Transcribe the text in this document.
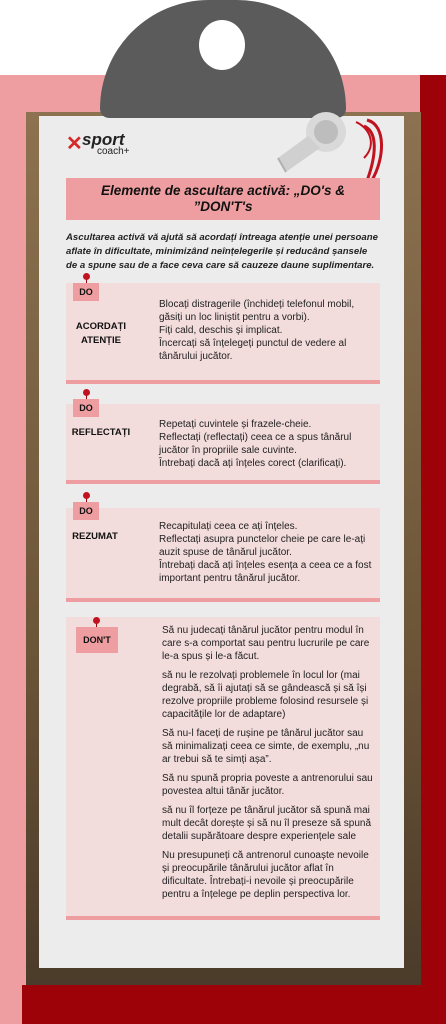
✕ sport
coach+
Elemente de ascultare activă: „DO's & ”DON'T's
Ascultarea activă vă ajută să acordați întreaga atenție unei persoane aflate în dificultate, minimizând neînțelegerile și reducând șansele de a spune sau de a face ceva care să cauzeze daune suplimentare.
DO
ACORDAȚI ATENȚIE

Blocați distragerile (închideți telefonul mobil, găsiți un loc liniștit pentru a vorbi).

Fiți cald, deschis și implicat.

Încercați să înțelegeți punctul de vedere al tânărului jucător.

DO
REFLECTAȚI

Repetați cuvintele și frazele-cheie.

Reflectați (reflectați) ceea ce a spus tânărul jucător în propriile sale cuvinte.

Întrebați dacă ați înțeles corect (clarificați).

DO
REZUMAT

Recapitulați ceea ce ați înțeles.

Reflectați asupra punctelor cheie pe care le-ați auzit spuse de tânărul jucător.

Întrebați dacă ați înțeles esența a ceea ce a fost important pentru tânărul jucător.

DON'T

Să nu judecați tânărul jucător pentru modul în care s-a comportat sau pentru lucrurile pe care le-a spus și le-a făcut.

să nu le rezolvați problemele în locul lor (mai degrabă, să îi ajutați să se gândească și să își rezolve propriile probleme folosind resursele și capacitățile lor de adaptare)

Să nu-l faceți de rușine pe tânărul jucător sau să minimalizați ceea ce simte, de exemplu, „nu ar trebui să te simți așa”.

Să nu spună propria poveste a antrenorului sau povestea altui tânăr jucător.

să nu îl forțeze pe tânărul jucător să spună mai mult decât dorește și să nu îl preseze să spună detalii supărătoare despre experiențele sale

Nu presupuneți că antrenorul cunoaște nevoile și preocupările tânărului jucător aflat în dificultate. Întrebați-i nevoile și preocupările pentru a înțelege pe deplin perspectiva lor.
